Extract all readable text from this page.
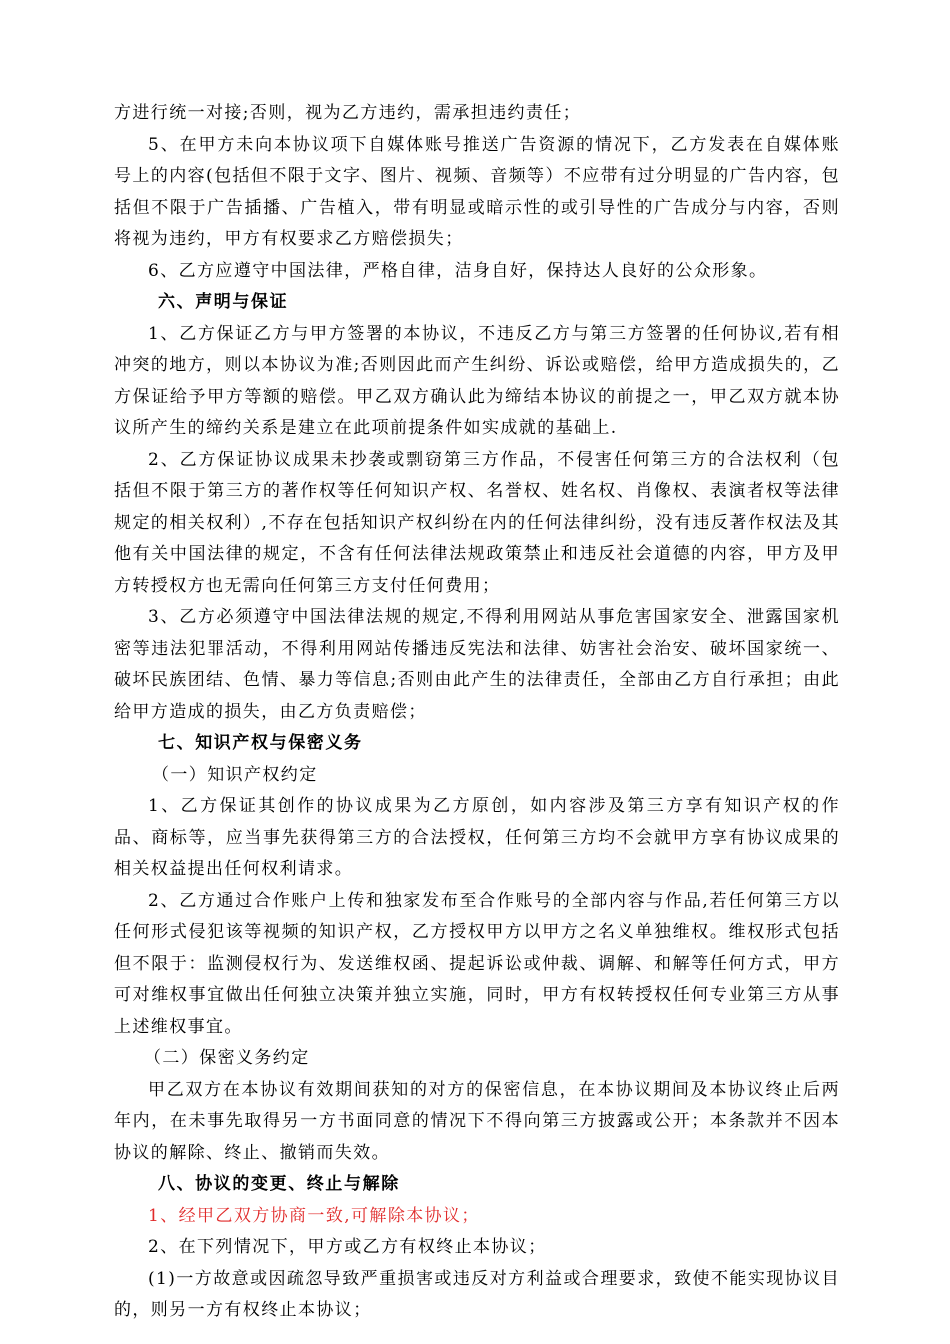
方进行统一对接;否则，视为乙方违约，需承担违约责任；

5、在甲方未向本协议项下自媒体账号推送广告资源的情况下，乙方发表在自媒体账号上的内容(包括但不限于文字、图片、视频、音频等）不应带有过分明显的广告内容，包括但不限于广告插播、广告植入，带有明显或暗示性的或引导性的广告成分与内容，否则将视为违约，甲方有权要求乙方赔偿损失；

6、乙方应遵守中国法律，严格自律，洁身自好，保持达人良好的公众形象。

六、声明与保证

1、乙方保证乙方与甲方签署的本协议，不违反乙方与第三方签署的任何协议,若有相冲突的地方，则以本协议为准;否则因此而产生纠纷、诉讼或赔偿，给甲方造成损失的，乙方保证给予甲方等额的赔偿。甲乙双方确认此为缔结本协议的前提之一，甲乙双方就本协议所产生的缔约关系是建立在此项前提条件如实成就的基础上.

2、乙方保证协议成果未抄袭或剽窃第三方作品，不侵害任何第三方的合法权利（包括但不限于第三方的著作权等任何知识产权、名誉权、姓名权、肖像权、表演者权等法律规定的相关权利）,不存在包括知识产权纠纷在内的任何法律纠纷，没有违反著作权法及其他有关中国法律的规定，不含有任何法律法规政策禁止和违反社会道德的内容，甲方及甲方转授权方也无需向任何第三方支付任何费用；

3、乙方必须遵守中国法律法规的规定,不得利用网站从事危害国家安全、泄露国家机密等违法犯罪活动，不得利用网站传播违反宪法和法律、妨害社会治安、破坏国家统一、破坏民族团结、色情、暴力等信息;否则由此产生的法律责任，全部由乙方自行承担；由此给甲方造成的损失，由乙方负责赔偿；

七、知识产权与保密义务

（一）知识产权约定

1、乙方保证其创作的协议成果为乙方原创，如内容涉及第三方享有知识产权的作品、商标等，应当事先获得第三方的合法授权，任何第三方均不会就甲方享有协议成果的相关权益提出任何权利请求。

2、乙方通过合作账户上传和独家发布至合作账号的全部内容与作品,若任何第三方以任何形式侵犯该等视频的知识产权，乙方授权甲方以甲方之名义单独维权。维权形式包括但不限于：监测侵权行为、发送维权函、提起诉讼或仲裁、调解、和解等任何方式，甲方可对维权事宜做出任何独立决策并独立实施，同时，甲方有权转授权任何专业第三方从事上述维权事宜。

（二）保密义务约定

甲乙双方在本协议有效期间获知的对方的保密信息，在本协议期间及本协议终止后两年内，在未事先取得另一方书面同意的情况下不得向第三方披露或公开；本条款并不因本协议的解除、终止、撤销而失效。

八、协议的变更、终止与解除

1、经甲乙双方协商一致,可解除本协议；

2、在下列情况下，甲方或乙方有权终止本协议；

(1)一方故意或因疏忽导致严重损害或违反对方利益或合理要求，致使不能实现协议目的，则另一方有权终止本协议；
